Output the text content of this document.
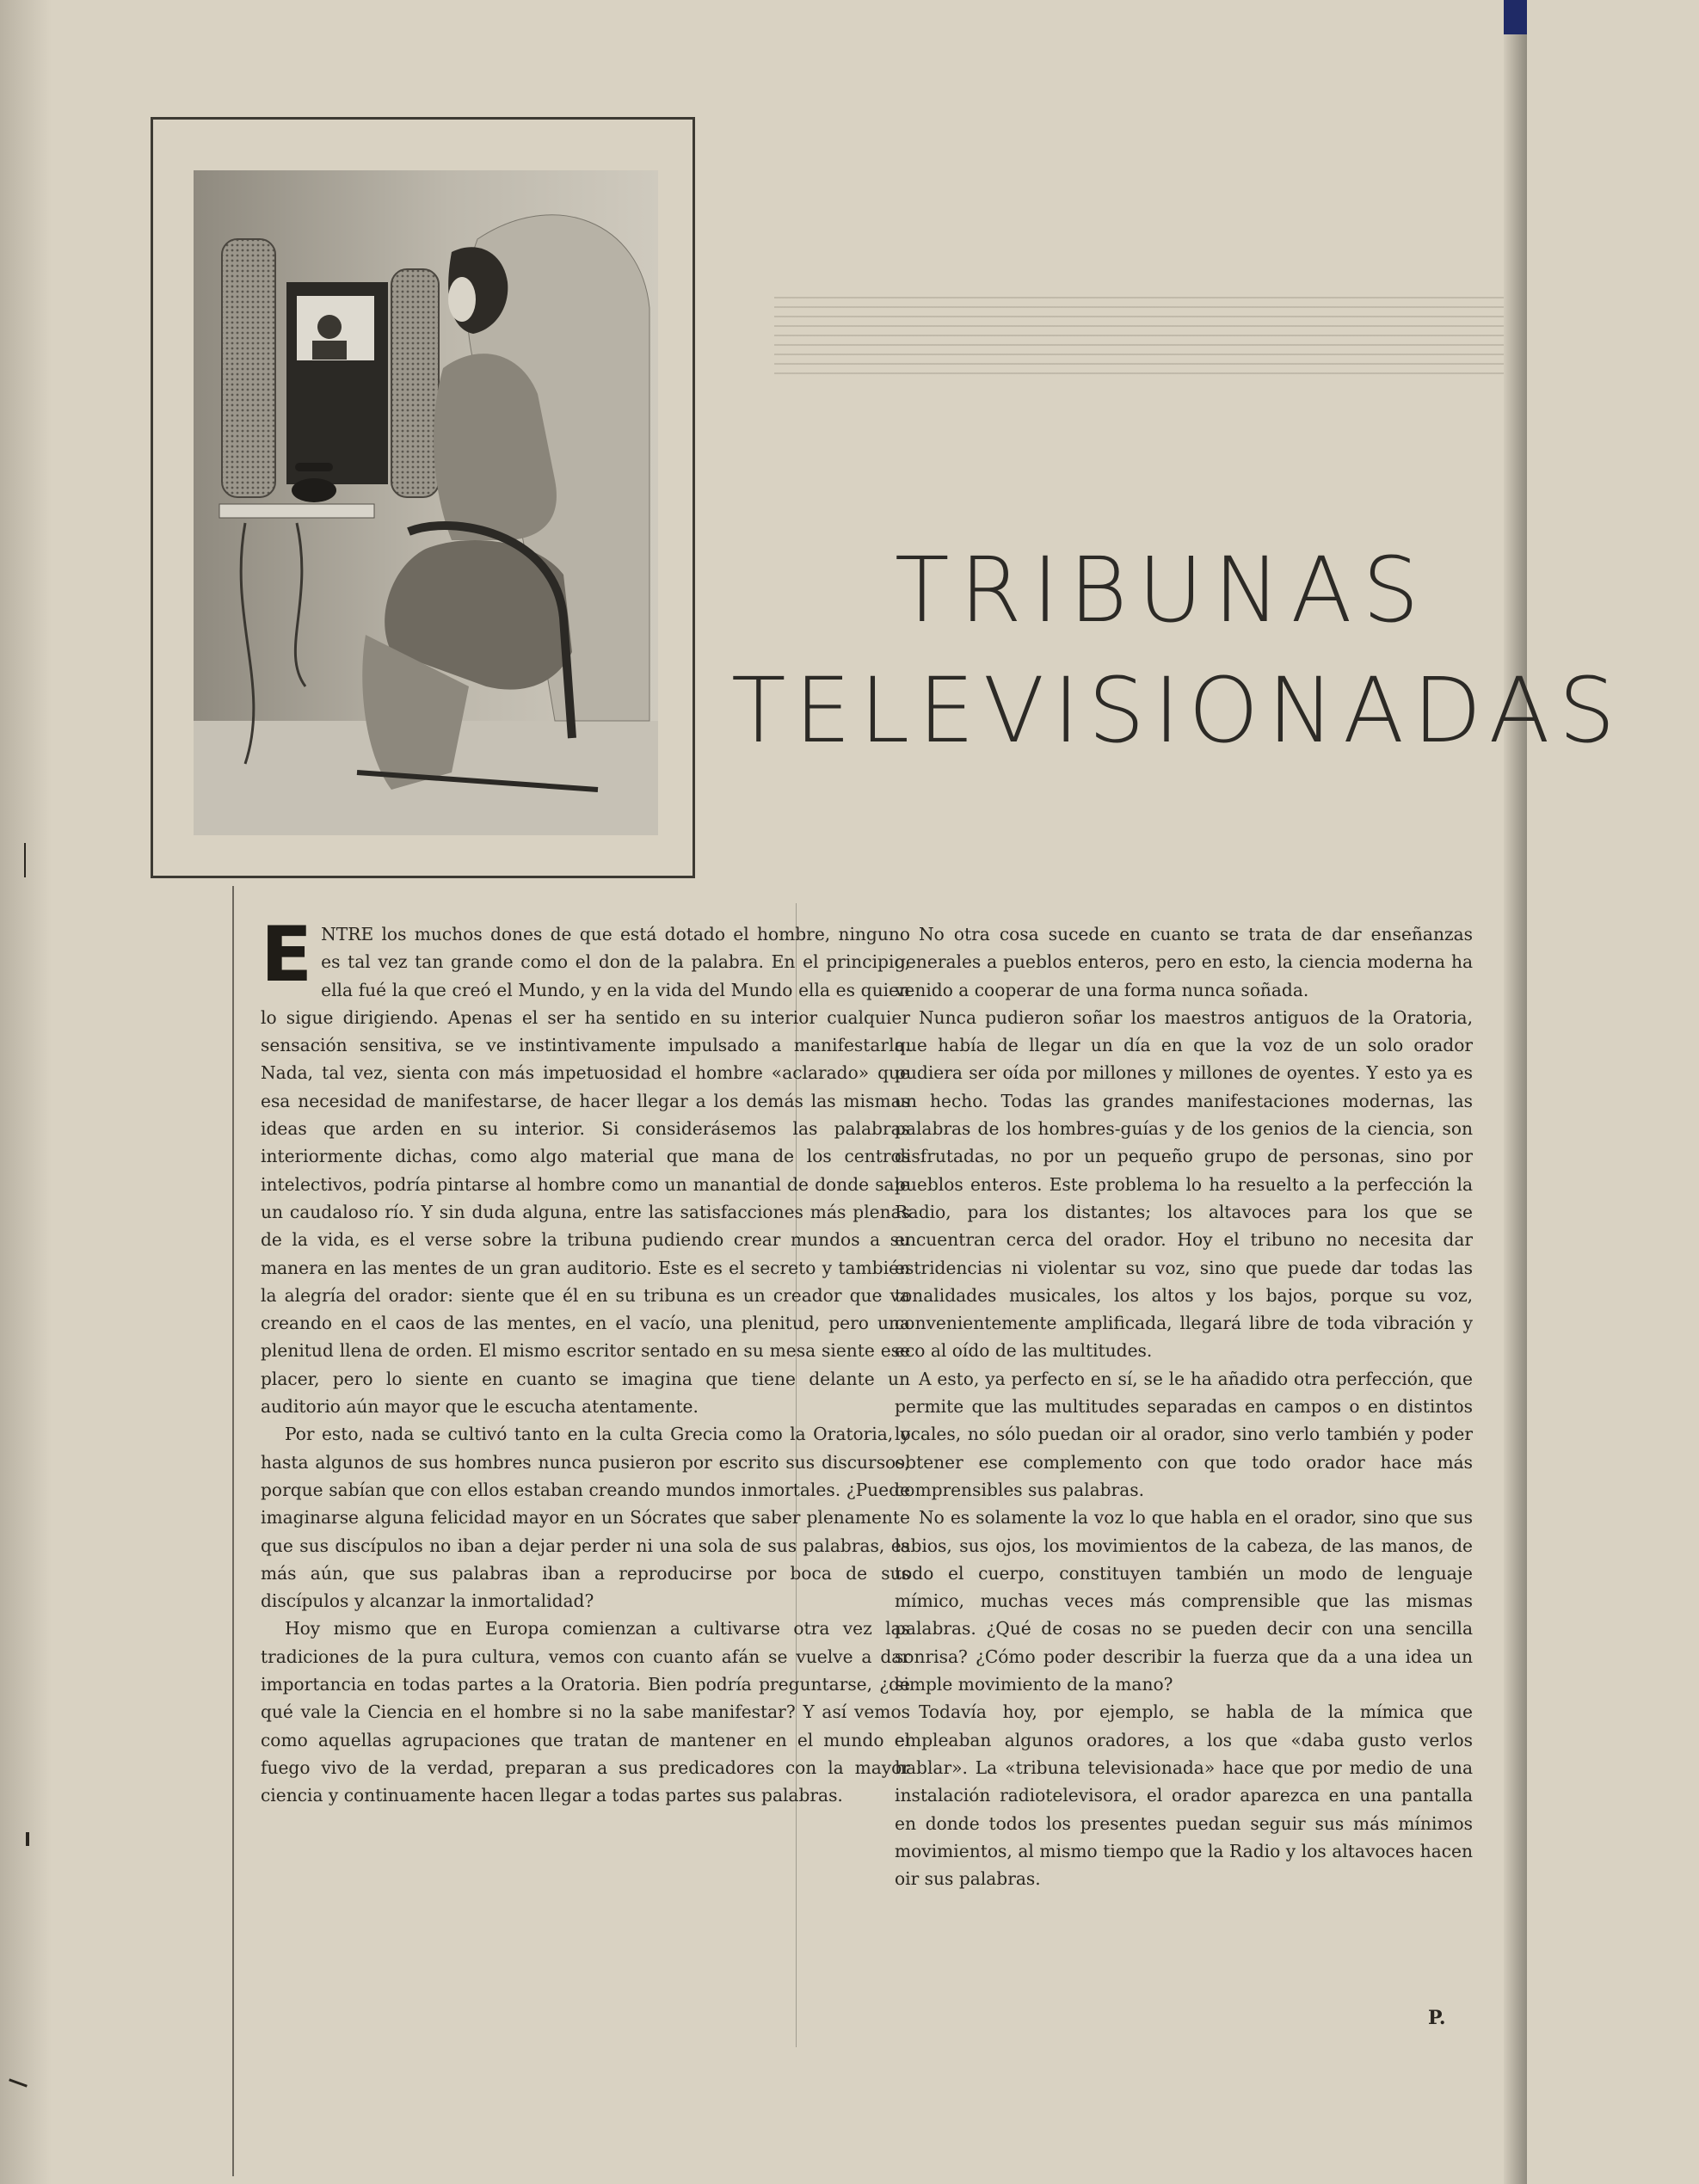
TRIBUNAS
TELEVISIONADAS

ENTRE los muchos dones de que está dotado el hombre, ninguno es tal vez tan grande como el don de la palabra. En el principio, ella fué la que creó el Mundo, y en la vida del Mundo ella es quien lo sigue dirigiendo. Apenas el ser ha sentido en su interior cualquier sensación sensitiva, se ve instintivamente impulsado a manifestarla. Nada, tal vez, sienta con más impetuosidad el hombre «aclarado» que esa necesidad de manifestarse, de hacer llegar a los demás las mismas ideas que arden en su interior. Si considerásemos las palabras interiormente dichas, como algo material que mana de los centros intelectivos, podría pintarse al hombre como un manantial de donde sale un caudaloso río. Y sin duda alguna, entre las satisfacciones más plenas de la vida, es el verse sobre la tribuna pudiendo crear mundos a su manera en las mentes de un gran auditorio. Este es el secreto y también la alegría del orador: siente que él en su tribuna es un creador que va creando en el caos de las mentes, en el vacío, una plenitud, pero una plenitud llena de orden. El mismo escritor sentado en su mesa siente ese placer, pero lo siente en cuanto se imagina que tiene delante un auditorio aún mayor que le escucha atentamente.

Por esto, nada se cultivó tanto en la culta Grecia como la Oratoria, y hasta algunos de sus hombres nunca pusieron por escrito sus discursos, porque sabían que con ellos estaban creando mundos inmortales. ¿Puede imaginarse alguna felicidad mayor en un Sócrates que saber plenamente que sus discípulos no iban a dejar perder ni una sola de sus palabras, es más aún, que sus palabras iban a reproducirse por boca de sus discípulos y alcanzar la inmortalidad?

Hoy mismo que en Europa comienzan a cultivarse otra vez las tradiciones de la pura cultura, vemos con cuanto afán se vuelve a dar importancia en todas partes a la Oratoria. Bien podría preguntarse, ¿de qué vale la Ciencia en el hombre si no la sabe manifestar? Y así vemos como aquellas agrupaciones que tratan de mantener en el mundo el fuego vivo de la verdad, preparan a sus predicadores con la mayor ciencia y continuamente hacen llegar a todas partes sus palabras.

No otra cosa sucede en cuanto se trata de dar enseñanzas generales a pueblos enteros, pero en esto, la ciencia moderna ha venido a cooperar de una forma nunca soñada.

Nunca pudieron soñar los maestros antiguos de la Oratoria, que había de llegar un día en que la voz de un solo orador pudiera ser oída por millones y millones de oyentes. Y esto ya es un hecho. Todas las grandes manifestaciones modernas, las palabras de los hombres-guías y de los genios de la ciencia, son disfrutadas, no por un pequeño grupo de personas, sino por pueblos enteros. Este problema lo ha resuelto a la perfección la Radio, para los distantes; los altavoces para los que se encuentran cerca del orador. Hoy el tribuno no necesita dar estridencias ni violentar su voz, sino que puede dar todas las tonalidades musicales, los altos y los bajos, porque su voz, convenientemente amplificada, llegará libre de toda vibración y eco al oído de las multitudes.

A esto, ya perfecto en sí, se le ha añadido otra perfección, que permite que las multitudes separadas en campos o en distintos locales, no sólo puedan oir al orador, sino verlo también y poder obtener ese complemento con que todo orador hace más comprensibles sus palabras.

No es solamente la voz lo que habla en el orador, sino que sus labios, sus ojos, los movimientos de la cabeza, de las manos, de todo el cuerpo, constituyen también un modo de lenguaje mímico, muchas veces más comprensible que las mismas palabras. ¿Qué de cosas no se pueden decir con una sencilla sonrisa? ¿Cómo poder describir la fuerza que da a una idea un simple movimiento de la mano?

Todavía hoy, por ejemplo, se habla de la mímica que empleaban algunos oradores, a los que «daba gusto verlos hablar». La «tribuna televisionada» hace que por medio de una instalación radiotelevisora, el orador aparezca en una pantalla en donde todos los presentes puedan seguir sus más mínimos movimientos, al mismo tiempo que la Radio y los altavoces hacen oir sus palabras.

P.
